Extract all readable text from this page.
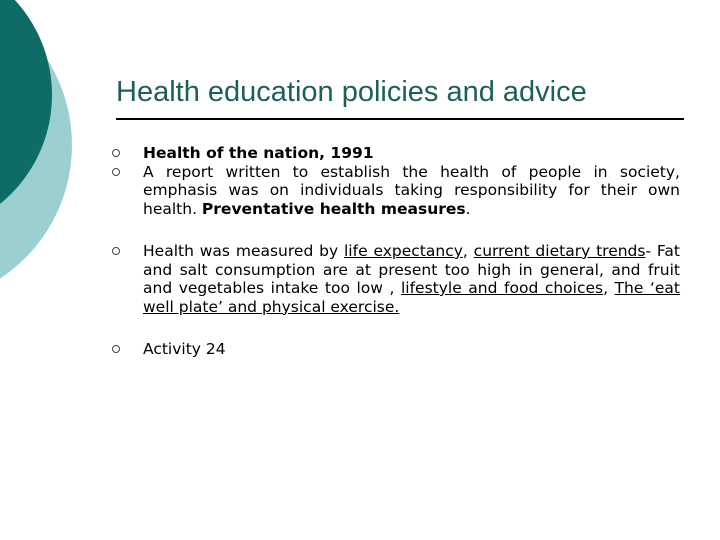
Health education policies and advice
Health of the nation, 1991
A report written to establish the health of people in society, emphasis was on individuals taking responsibility for their own health. Preventative health measures.
Health was measured by life expectancy, current dietary trends- Fat and salt consumption are at present too high in general, and fruit and vegetables intake too low , lifestyle and food choices, The ‘eat well plate’ and physical exercise.
Activity 24
